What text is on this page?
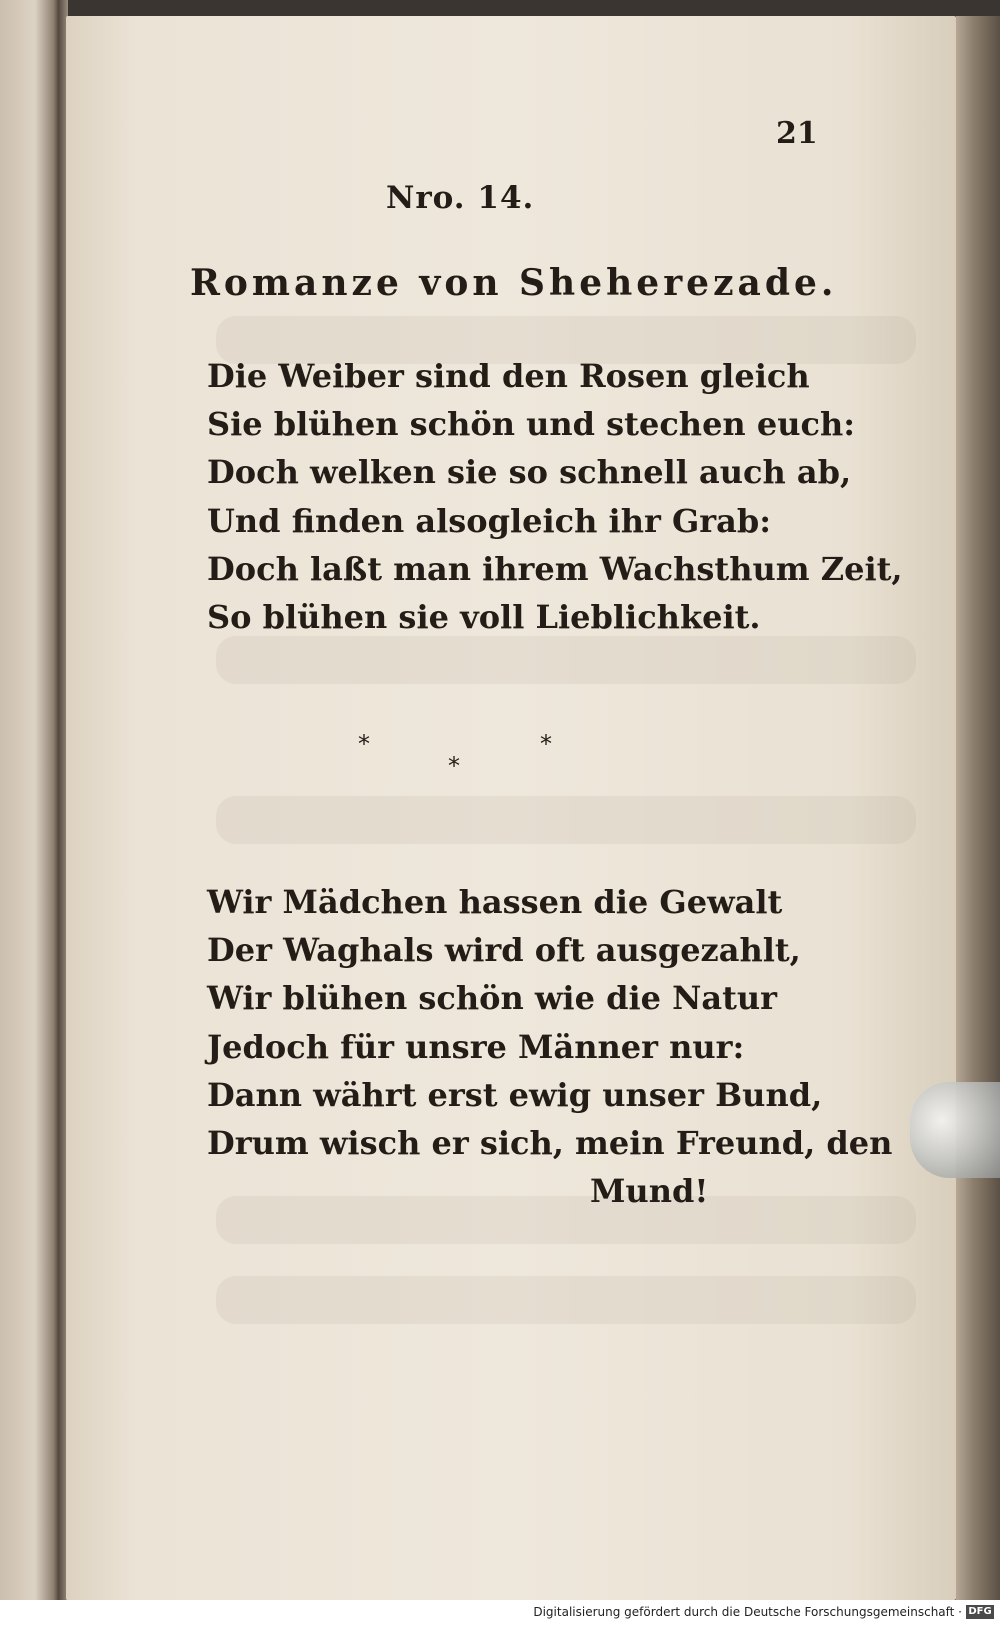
21
Nro. 14.
Romanze von Sheherezade.
Die Weiber sind den Rosen gleich
Sie blühen schön und stechen euch:
Doch welken sie so schnell auch ab,
Und finden alsogleich ihr Grab:
Doch laßt man ihrem Wachsthum Zeit,
So blühen sie voll Lieblichkeit.
*	*
*
Wir Mädchen hassen die Gewalt
Der Waghals wird oft ausgezahlt,
Wir blühen schön wie die Natur
Jedoch für unsre Männer nur:
Dann währt erst ewig unser Bund,
Drum wisch er sich, mein Freund, den
Mund!
Digitalisierung gefördert durch die Deutsche Forschungsgemeinschaft · DFG
